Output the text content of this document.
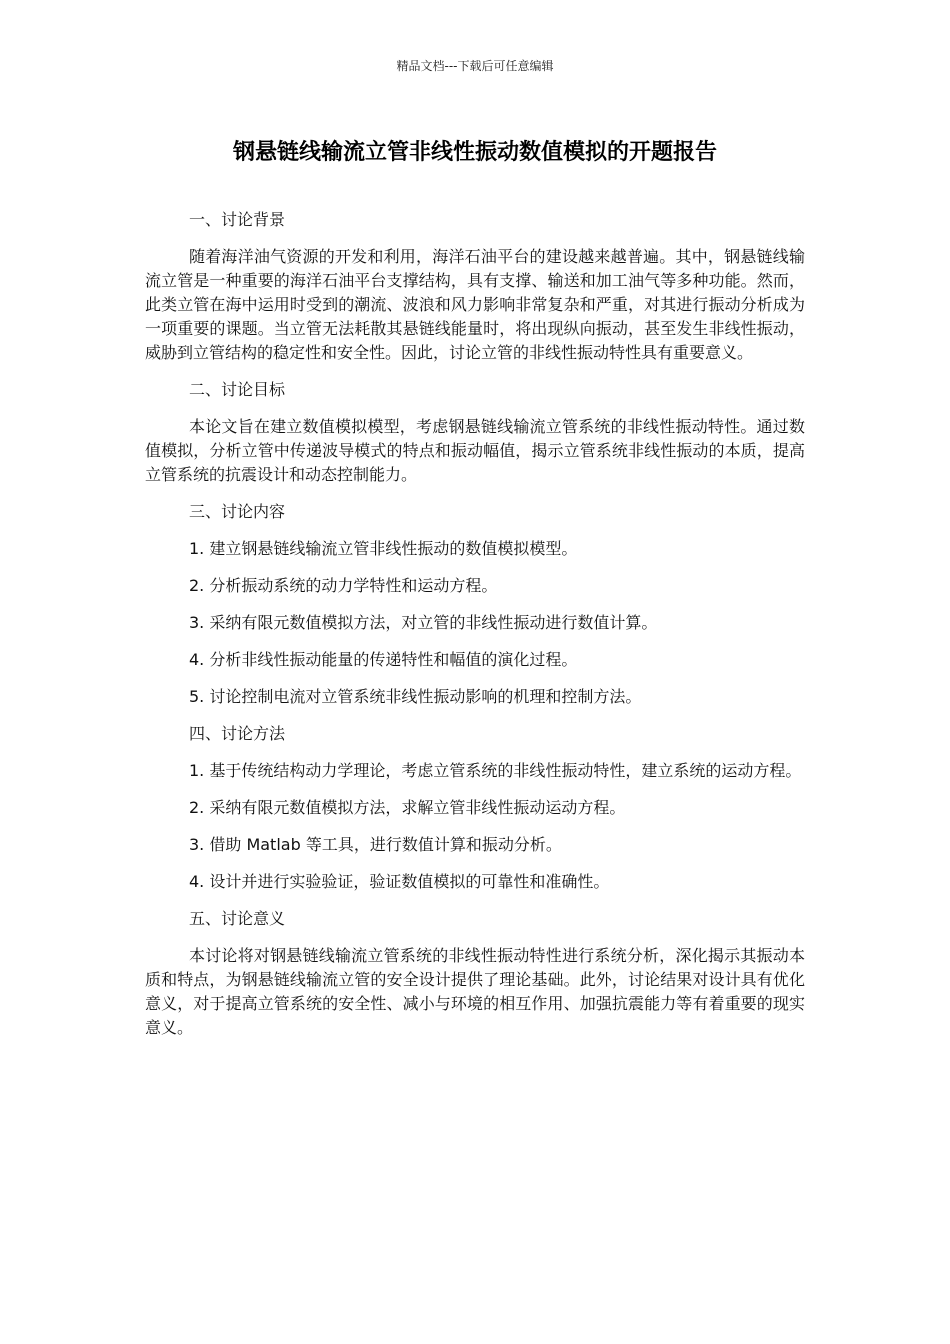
精品文档---下载后可任意编辑
钢悬链线输流立管非线性振动数值模拟的开题报告
一、讨论背景
随着海洋油气资源的开发和利用，海洋石油平台的建设越来越普遍。其中，钢悬链线输流立管是一种重要的海洋石油平台支撑结构，具有支撑、输送和加工油气等多种功能。然而，此类立管在海中运用时受到的潮流、波浪和风力影响非常复杂和严重，对其进行振动分析成为一项重要的课题。当立管无法耗散其悬链线能量时，将出现纵向振动，甚至发生非线性振动，威胁到立管结构的稳定性和安全性。因此，讨论立管的非线性振动特性具有重要意义。
二、讨论目标
本论文旨在建立数值模拟模型，考虑钢悬链线输流立管系统的非线性振动特性。通过数值模拟，分析立管中传递波导模式的特点和振动幅值，揭示立管系统非线性振动的本质，提高立管系统的抗震设计和动态控制能力。
三、讨论内容
1. 建立钢悬链线输流立管非线性振动的数值模拟模型。
2. 分析振动系统的动力学特性和运动方程。
3. 采纳有限元数值模拟方法，对立管的非线性振动进行数值计算。
4. 分析非线性振动能量的传递特性和幅值的演化过程。
5. 讨论控制电流对立管系统非线性振动影响的机理和控制方法。
四、讨论方法
1. 基于传统结构动力学理论，考虑立管系统的非线性振动特性，建立系统的运动方程。
2. 采纳有限元数值模拟方法，求解立管非线性振动运动方程。
3. 借助 Matlab 等工具，进行数值计算和振动分析。
4. 设计并进行实验验证，验证数值模拟的可靠性和准确性。
五、讨论意义
本讨论将对钢悬链线输流立管系统的非线性振动特性进行系统分析，深化揭示其振动本质和特点，为钢悬链线输流立管的安全设计提供了理论基础。此外，讨论结果对设计具有优化意义，对于提高立管系统的安全性、减小与环境的相互作用、加强抗震能力等有着重要的现实意义。
